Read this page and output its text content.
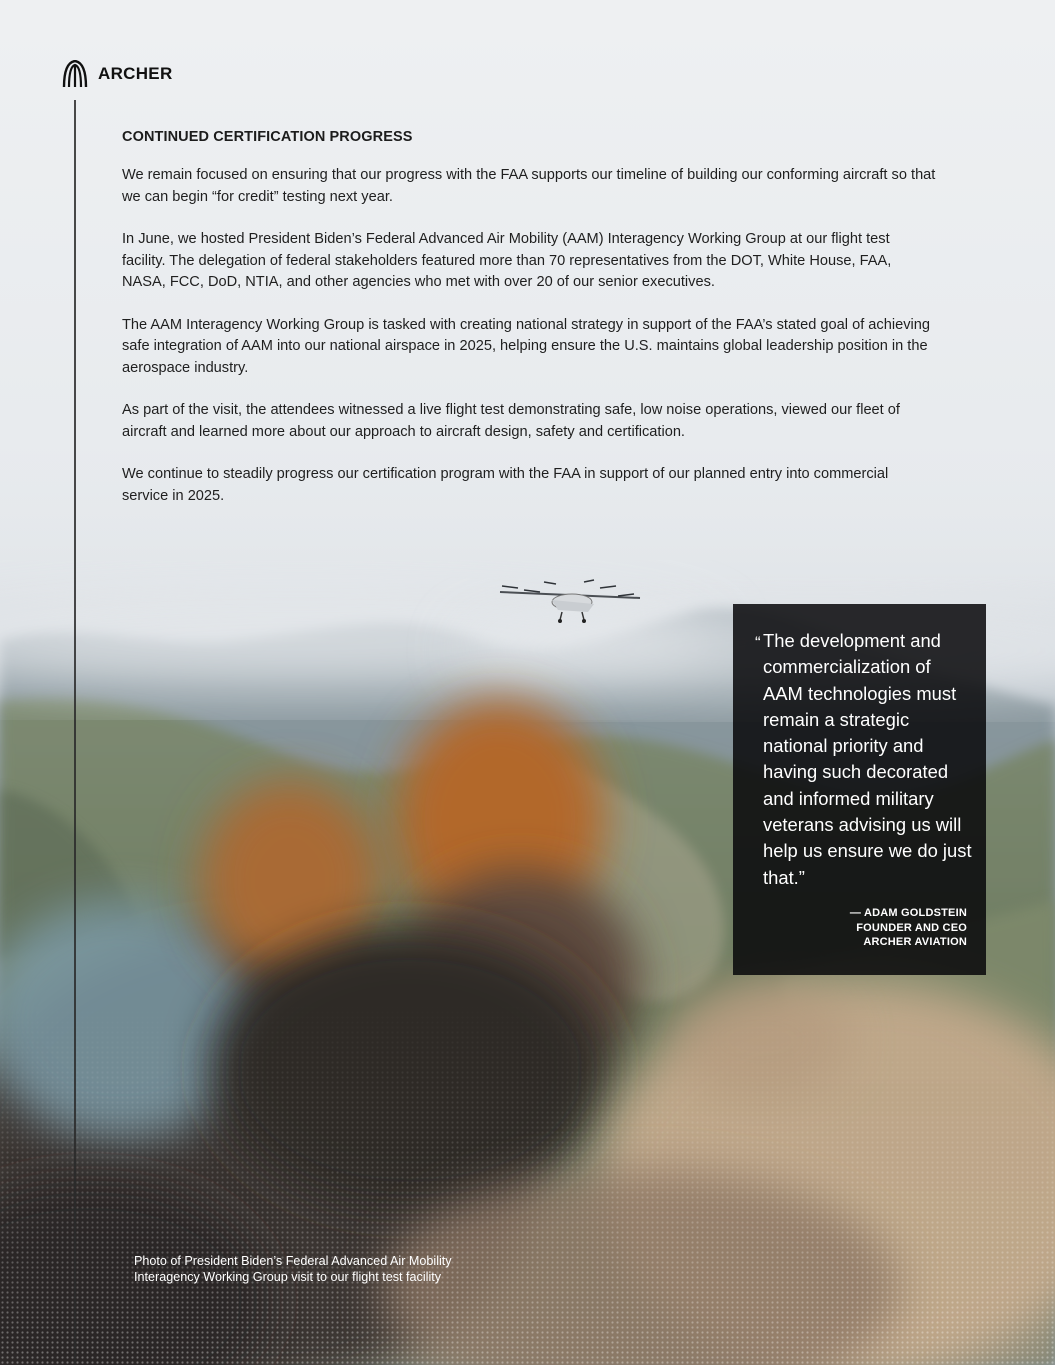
ARCHER
CONTINUED CERTIFICATION PROGRESS

We remain focused on ensuring that our progress with the FAA supports our timeline of building our conforming aircraft so that we can begin “for credit” testing next year.

In June, we hosted President Biden’s Federal Advanced Air Mobility (AAM) Interagency Working Group at our flight test facility. The delegation of federal stakeholders featured more than 70 representatives from the DOT, White House, FAA, NASA, FCC, DoD, NTIA, and other agencies who met with over 20 of our senior executives.

The AAM Interagency Working Group is tasked with creating national strategy in support of the FAA’s stated goal of achieving safe integration of AAM into our national airspace in 2025, helping ensure the U.S. maintains global leadership position in the aerospace industry.

As part of the visit, the attendees witnessed a live flight test demonstrating safe, low noise operations, viewed our fleet of aircraft and learned more about our approach to aircraft design, safety and certification.

We continue to steadily progress our certification program with the FAA in support of our planned entry into commercial service in 2025.

“ The development and commercialization of AAM technologies must remain a strategic national priority and having such decorated and informed military veterans advising us will help us ensure we do just that.”
— ADAM GOLDSTEIN
FOUNDER AND CEO
ARCHER AVIATION
Photo of President Biden’s Federal Advanced Air Mobility Interagency Working Group visit to our flight test facility
